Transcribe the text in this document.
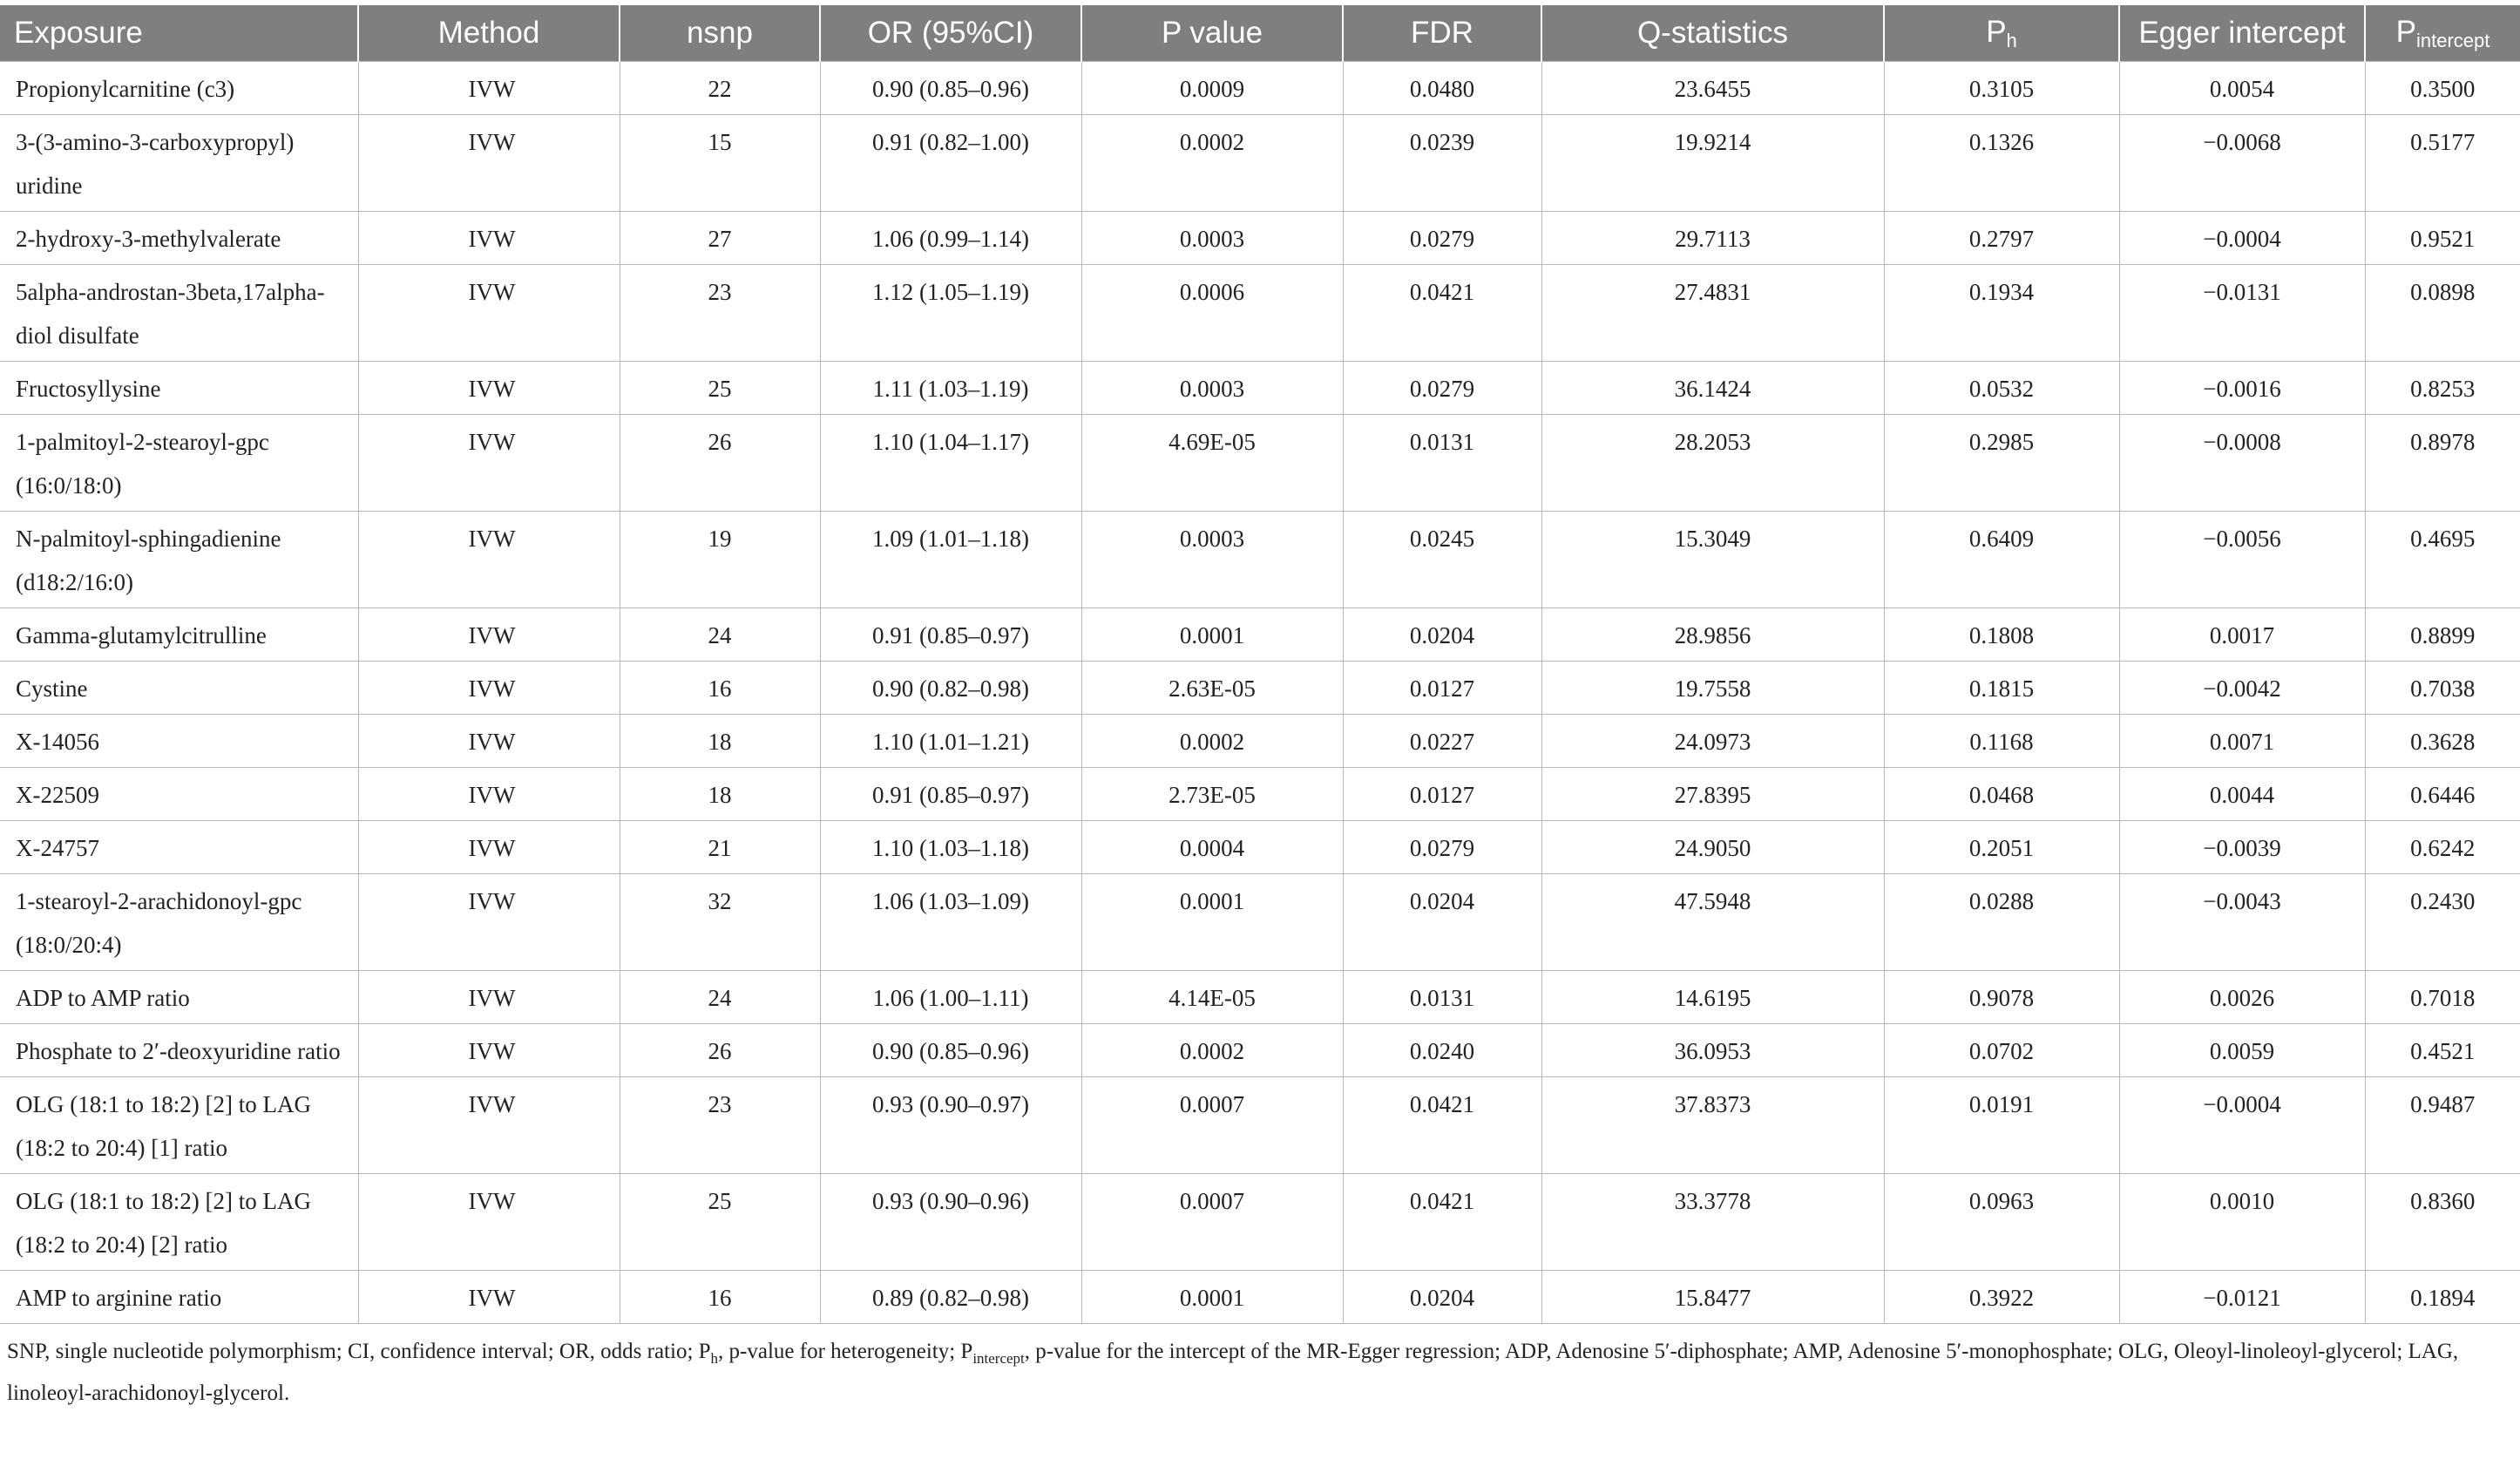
Exposure	Method	nsnp	OR (95%CI)	P value	FDR	Q-statistics	$P_h$	Egger intercept	$P_{intercept}$
Propionylcarnitine (c3)	IVW	22	0.90 (0.85–0.96)	0.0009	0.0480	23.6455	0.3105	0.0054	0.3500
3-(3-amino-3-carboxypropyl) uridine	IVW	15	0.91 (0.82–1.00)	0.0002	0.0239	19.9214	0.1326	−0.0068	0.5177
2-hydroxy-3-methylvalerate	IVW	27	1.06 (0.99–1.14)	0.0003	0.0279	29.7113	0.2797	−0.0004	0.9521
5alpha-androstan-3beta,17alpha-diol disulfate	IVW	23	1.12 (1.05–1.19)	0.0006	0.0421	27.4831	0.1934	−0.0131	0.0898
Fructosyllysine	IVW	25	1.11 (1.03–1.19)	0.0003	0.0279	36.1424	0.0532	−0.0016	0.8253
1-palmitoyl-2-stearoyl-gpc (16:0/18:0)	IVW	26	1.10 (1.04–1.17)	4.69E-05	0.0131	28.2053	0.2985	−0.0008	0.8978
N-palmitoyl-sphingadienine (d18:2/16:0)	IVW	19	1.09 (1.01–1.18)	0.0003	0.0245	15.3049	0.6409	−0.0056	0.4695
Gamma-glutamylcitrulline	IVW	24	0.91 (0.85–0.97)	0.0001	0.0204	28.9856	0.1808	0.0017	0.8899
Cystine	IVW	16	0.90 (0.82–0.98)	2.63E-05	0.0127	19.7558	0.1815	−0.0042	0.7038
X-14056	IVW	18	1.10 (1.01–1.21)	0.0002	0.0227	24.0973	0.1168	0.0071	0.3628
X-22509	IVW	18	0.91 (0.85–0.97)	2.73E-05	0.0127	27.8395	0.0468	0.0044	0.6446
X-24757	IVW	21	1.10 (1.03–1.18)	0.0004	0.0279	24.9050	0.2051	−0.0039	0.6242
1-stearoyl-2-arachidonoyl-gpc (18:0/20:4)	IVW	32	1.06 (1.03–1.09)	0.0001	0.0204	47.5948	0.0288	−0.0043	0.2430
ADP to AMP ratio	IVW	24	1.06 (1.00–1.11)	4.14E-05	0.0131	14.6195	0.9078	0.0026	0.7018
Phosphate to 2′-deoxyuridine ratio	IVW	26	0.90 (0.85–0.96)	0.0002	0.0240	36.0953	0.0702	0.0059	0.4521
OLG (18:1 to 18:2) [2] to LAG (18:2 to 20:4) [1] ratio	IVW	23	0.93 (0.90–0.97)	0.0007	0.0421	37.8373	0.0191	−0.0004	0.9487
OLG (18:1 to 18:2) [2] to LAG (18:2 to 20:4) [2] ratio	IVW	25	0.93 (0.90–0.96)	0.0007	0.0421	33.3778	0.0963	0.0010	0.8360
AMP to arginine ratio	IVW	16	0.89 (0.82–0.98)	0.0001	0.0204	15.8477	0.3922	−0.0121	0.1894
SNP, single nucleotide polymorphism; CI, confidence interval; OR, odds ratio; $P_h$, p-value for heterogeneity; $P_{intercept}$, p-value for the intercept of the MR-Egger regression; ADP, Adenosine 5′-diphosphate; AMP, Adenosine 5′-monophosphate; OLG, Oleoyl-linoleoyl-glycerol; LAG, linoleoyl-arachidonoyl-glycerol.
